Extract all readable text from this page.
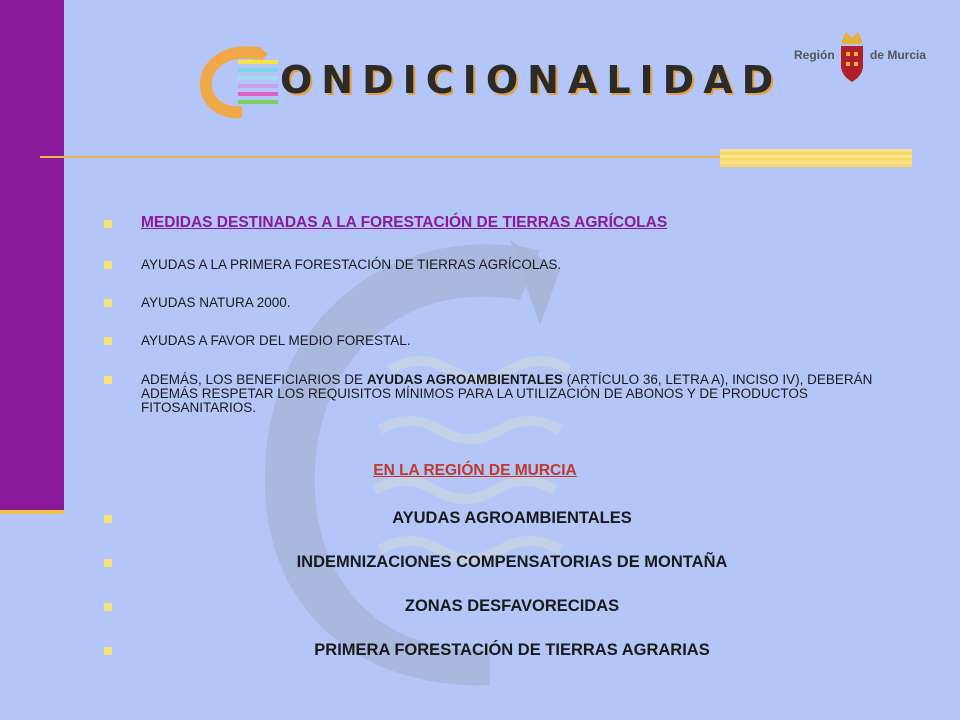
ONDICIONALIDAD
Región	de Murcia
MEDIDAS DESTINADAS A LA FORESTACIÓN DE TIERRAS AGRÍCOLAS
AYUDAS A LA PRIMERA FORESTACIÓN DE TIERRAS AGRÍCOLAS.
AYUDAS NATURA 2000.
AYUDAS A FAVOR DEL MEDIO FORESTAL.
ADEMÁS, LOS BENEFICIARIOS DE AYUDAS AGROAMBIENTALES (ARTÍCULO 36, LETRA A), INCISO IV), DEBERÁN ADEMÁS RESPETAR LOS REQUISITOS MÍNIMOS PARA LA UTILIZACIÓN DE ABONOS Y DE PRODUCTOS FITOSANITARIOS.
EN LA REGIÓN DE MURCIA
AYUDAS AGROAMBIENTALES
INDEMNIZACIONES COMPENSATORIAS DE MONTAÑA
ZONAS DESFAVORECIDAS
PRIMERA FORESTACIÓN DE TIERRAS AGRARIAS
